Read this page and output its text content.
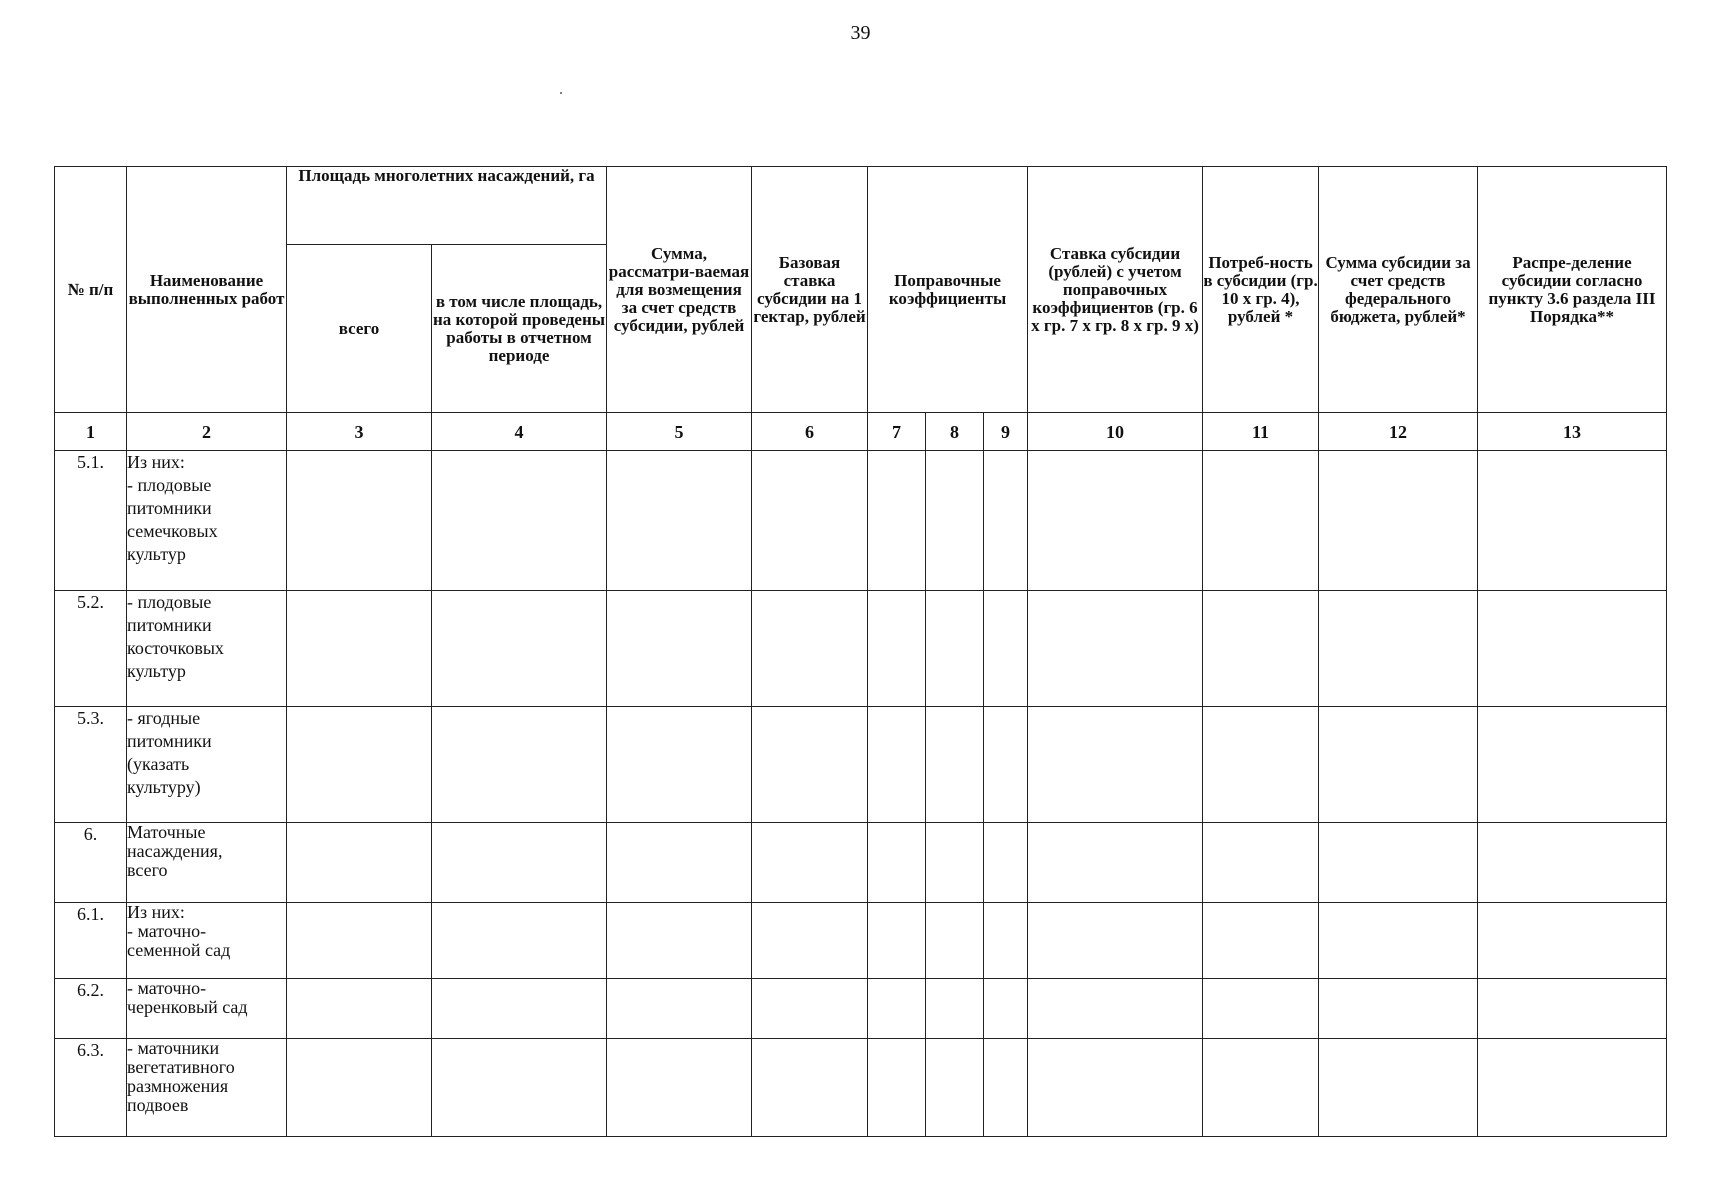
39
№ п/п	Наименование выполненных работ	Площадь многолетних насаждений, га		Сумма, рассматри-ваемая для возмещения за счет средств субсидии, рублей	Базовая ставка субсидии на 1 гектар, рублей	Поправочные коэффициенты			Ставка субсидии (рублей) с учетом поправочных коэффициентов (гр. 6 х гр. 7 х гр. 8 х гр. 9 х)	Потреб-ность в субсидии (гр. 10 х гр. 4), рублей *	Сумма субсидии за счет средств федерального бюджета, рублей*	Распре-деление субсидии согласно пункту 3.6 раздела III Порядка**
		всего	в том числе площадь, на которой проведены работы в отчетном периоде									
1	2	3	4	5	6	7	8	9	10	11	12	13
5.1.	Из них:
- плодовые
питомники
семечковых
культур											

5.2.	- плодовые
питомники
косточковых
культур											

5.3.	- ягодные
питомники
(указать
культуру)											

6.	Маточные
насаждения,
всего											

6.1.	Из них:
- маточно-
семенной сад											

6.2.	- маточно-
черенковый сад											

6.3.	- маточники
вегетативного
размножения
подвоев											
